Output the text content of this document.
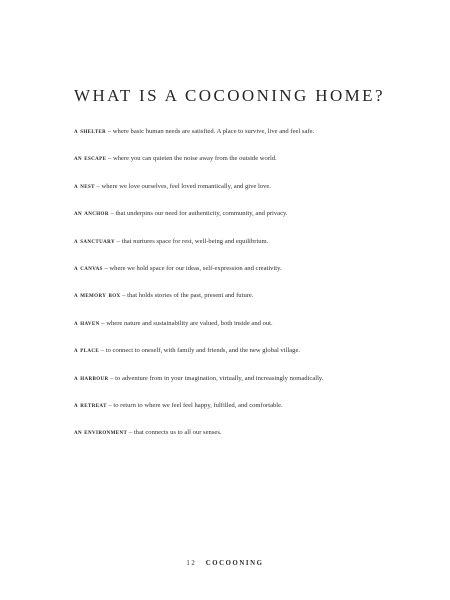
WHAT IS A COCOONING HOME?
a shelter – where basic human needs are satisfied. A place to survive, live and feel safe.
an escape – where you can quieten the noise away from the outside world.
a nest – where we love ourselves, feel loved romantically, and give love.
an anchor – that underpins our need for authenticity, community, and privacy.
a sanctuary – that nurtures space for rest, well-being and equilibrium.
a canvas – where we hold space for our ideas, self-expression and creativity.
a memory box – that holds stories of the past, present and future.
a haven – where nature and sustainability are valued, both inside and out.
a place – to connect to oneself, with family and friends, and the new global village.
a harbour – to adventure from in your imagination, virtually, and increasingly nomadically.
a retreat – to return to where we feel feel happy, fulfilled, and comfortable.
an environment – that connects us to all our senses.
12 COCOONING
